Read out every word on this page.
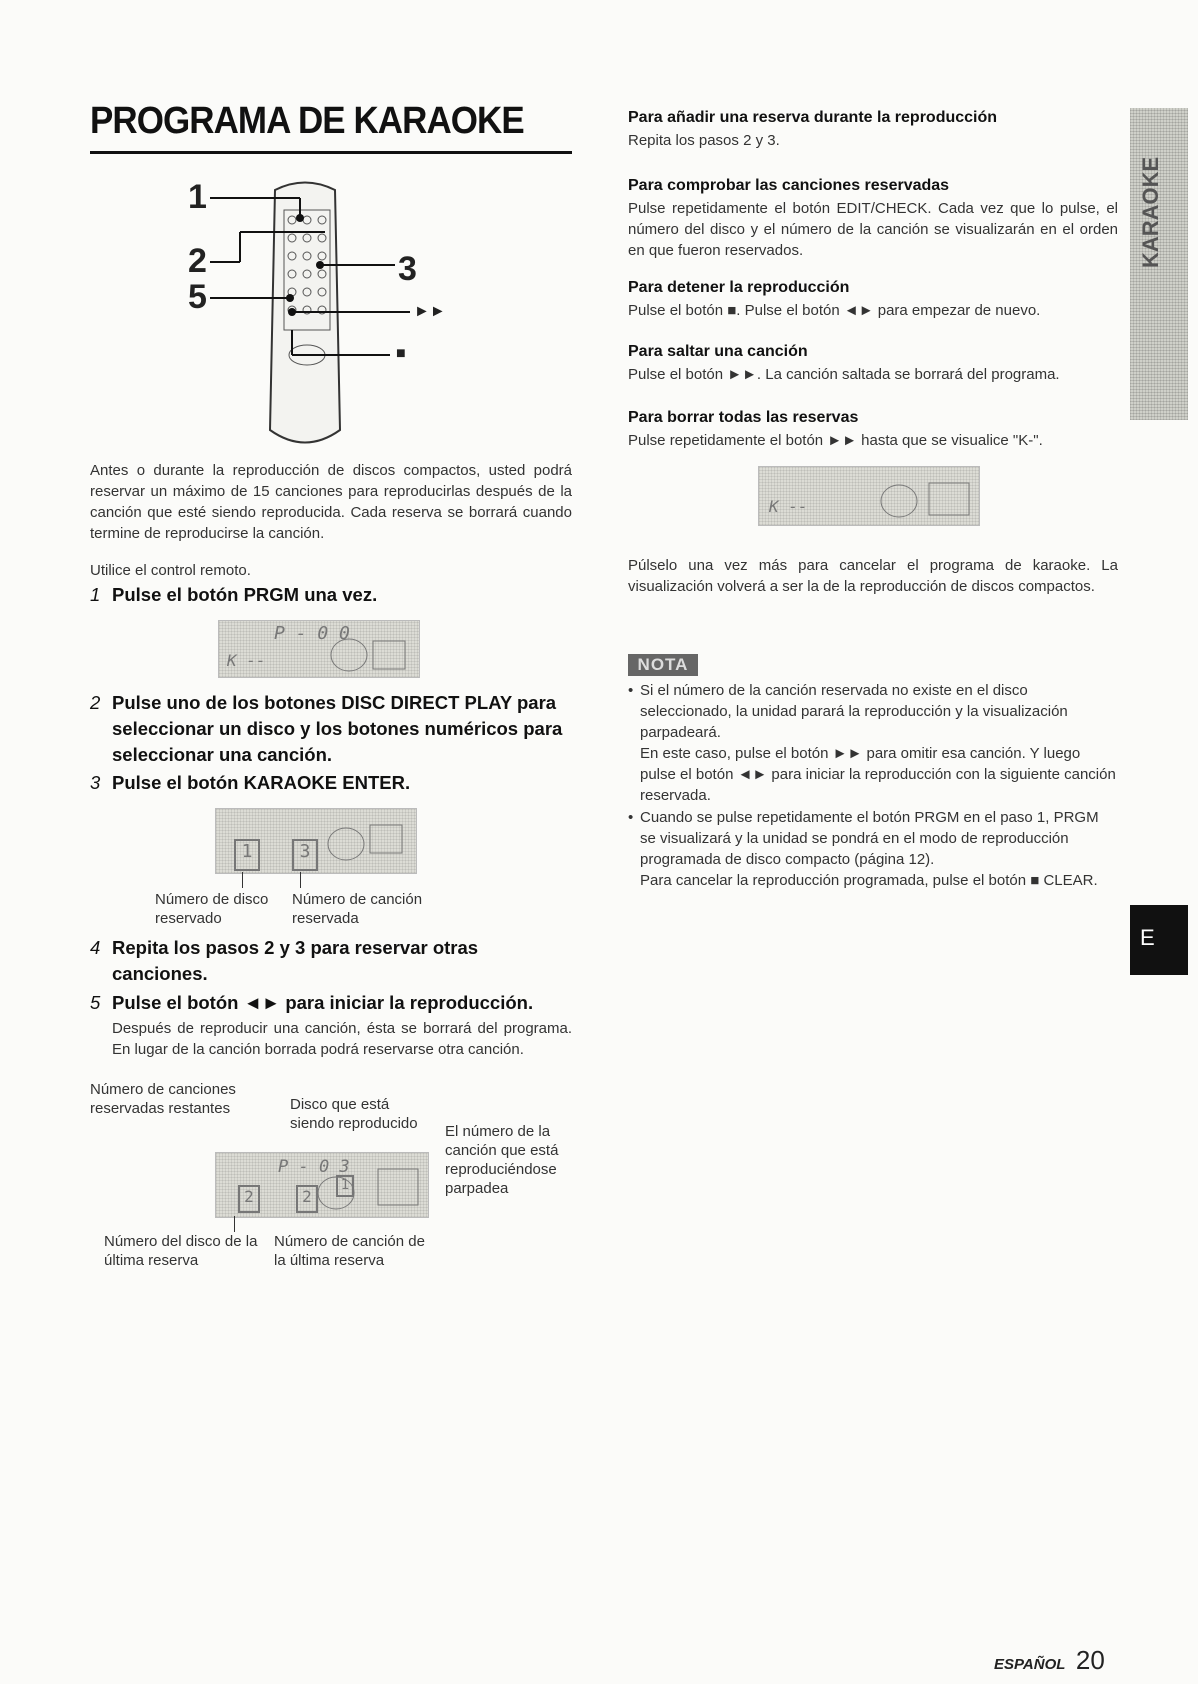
PROGRAMA DE KARAOKE
1
2
5
3
►►
■
Antes o durante la reproducción de discos compactos, usted podrá reservar un máximo de 15 canciones para reproducirlas después de la canción que esté siendo reproducida. Cada reserva se borrará cuando termine de reproducirse la canción.
Utilice el control remoto.
1 Pulse el botón PRGM una vez.
P - 0 0
K --
2 Pulse uno de los botones DISC DIRECT PLAY para seleccionar un disco y los botones numéricos para seleccionar una canción.
3 Pulse el botón KARAOKE ENTER.
1	3
Número de disco reservado
Número de canción reservada
4 Repita los pasos 2 y 3 para reservar otras canciones.
5 Pulse el botón ◄► para iniciar la reproducción.
Después de reproducir una canción, ésta se borrará del programa. En lugar de la canción borrada podrá reservarse otra canción.
Número de canciones reservadas restantes	Disco que está siendo reproducido	El número de la canción que está reproduciéndose parpadea
P - 0 3
2	2
1
Número del disco de la última reserva
Número de canción de la última reserva
Para añadir una reserva durante la reproducción
Repita los pasos 2 y 3.
Para comprobar las canciones reservadas
Pulse repetidamente el botón EDIT/CHECK. Cada vez que lo pulse, el número del disco y el número de la canción se visualizarán en el orden en que fueron reservados.
Para detener la reproducción
Pulse el botón ■. Pulse el botón ◄► para empezar de nuevo.
Para saltar una canción
Pulse el botón ►►. La canción saltada se borrará del programa.
Para borrar todas las reservas
Pulse repetidamente el botón ►► hasta que se visualice "K-".
K --
Púlselo una vez más para cancelar el programa de karaoke. La visualización volverá a ser la de la reproducción de discos compactos.
NOTA
• Si el número de la canción reservada no existe en el disco seleccionado, la unidad parará la reproducción y la visualización parpadeará.
En este caso, pulse el botón ►► para omitir esa canción. Y luego pulse el botón ◄► para iniciar la reproducción con la siguiente canción reservada.
• Cuando se pulse repetidamente el botón PRGM en el paso 1, PRGM se visualizará y la unidad se pondrá en el modo de reproducción programada de disco compacto (página 12).
Para cancelar la reproducción programada, pulse el botón ■ CLEAR.
KARAOKE
E
ESPAÑOL 20
